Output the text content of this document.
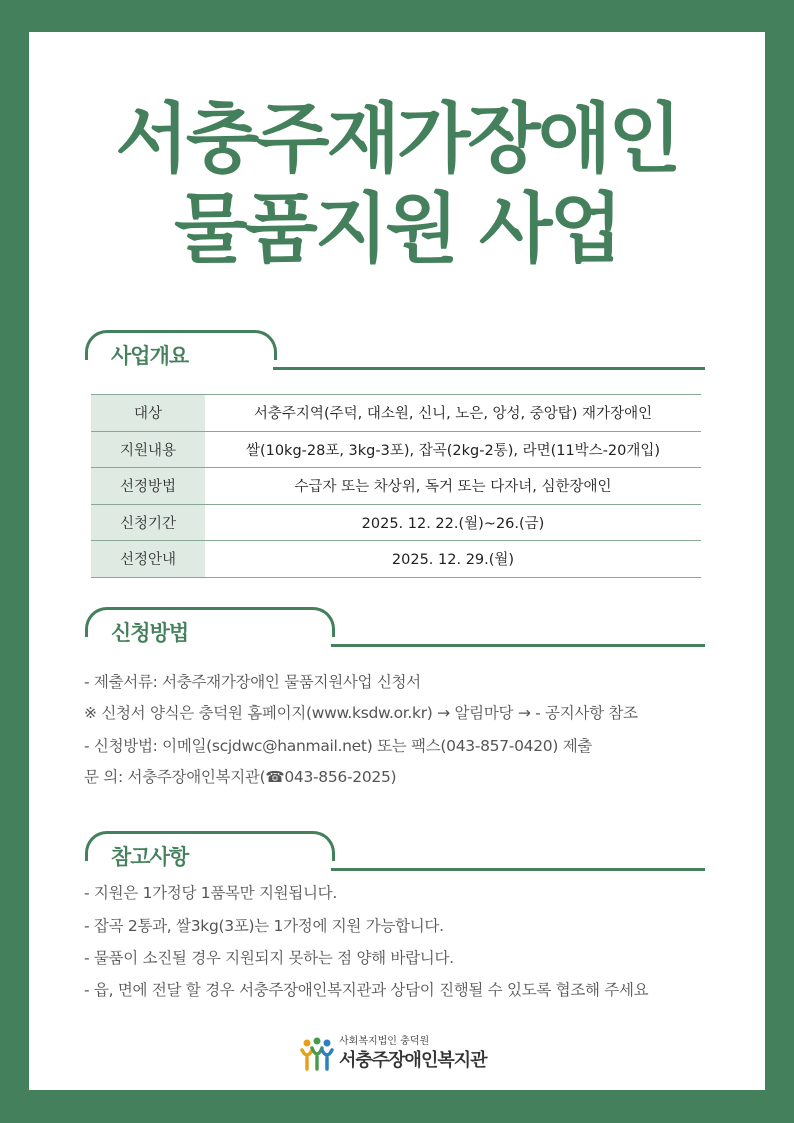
서충주재가장애인
물품지원 사업
사업개요
대상	서충주지역(주덕, 대소원, 신니, 노은, 앙성, 중앙탑) 재가장애인
지원내용	쌀(10kg-28포, 3kg-3포), 잡곡(2kg-2통), 라면(11박스-20개입)
선정방법	수급자 또는 차상위, 독거 또는 다자녀, 심한장애인
신청기간	2025. 12. 22.(월)~26.(금)
선정안내	2025. 12. 29.(월)
신청방법
- 제출서류: 서충주재가장애인 물품지원사업 신청서
※ 신청서 양식은 충덕원 홈페이지(www.ksdw.or.kr) → 알림마당 → - 공지사항 참조
- 신청방법: 이메일(scjdwc@hanmail.net) 또는 팩스(043-857-0420) 제출
문 의: 서충주장애인복지관(☎043-856-2025)
참고사항
- 지원은 1가정당 1품목만 지원됩니다.
- 잡곡 2통과, 쌀3kg(3포)는 1가정에 지원 가능합니다.
- 물품이 소진될 경우 지원되지 못하는 점 양해 바랍니다.
- 읍, 면에 전달 할 경우 서충주장애인복지관과 상담이 진행될 수 있도록 협조해 주세요
사회복지법인 충덕원
서충주장애인복지관
